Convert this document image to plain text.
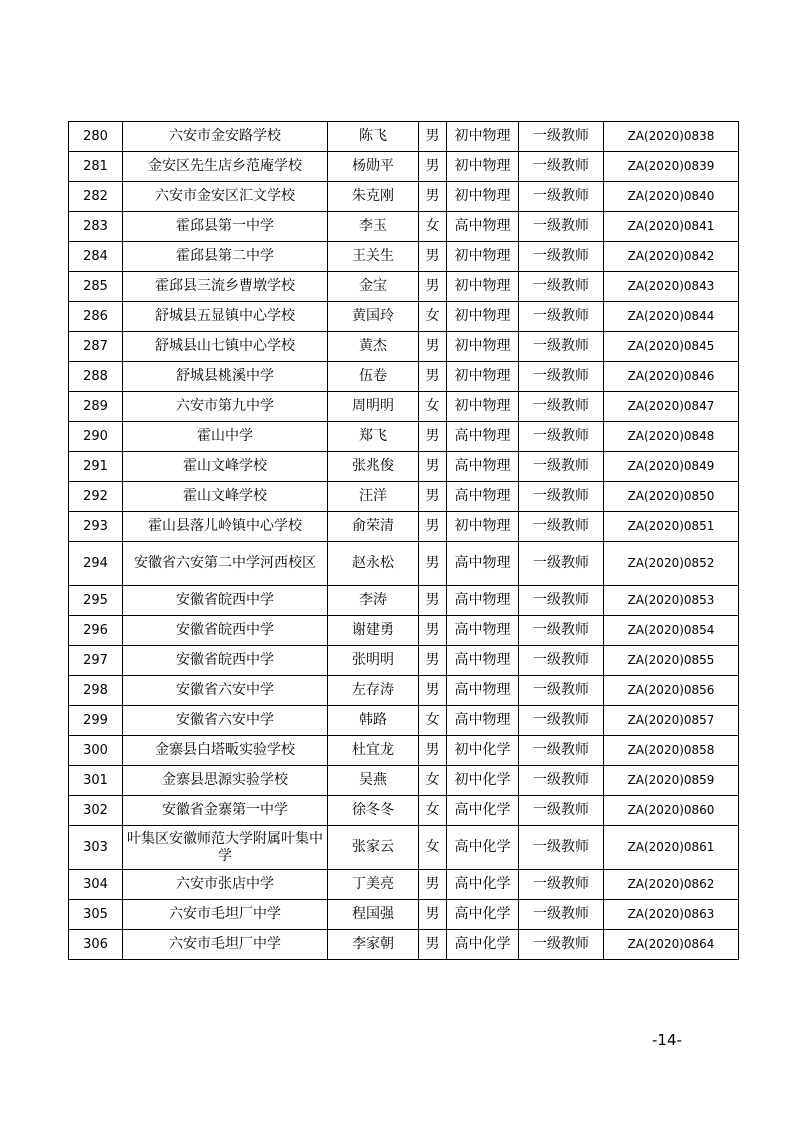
280	六安市金安路学校	陈飞	男	初中物理	一级教师	ZA(2020)0838
281	金安区先生店乡范庵学校	杨勋平	男	初中物理	一级教师	ZA(2020)0839
282	六安市金安区汇文学校	朱克刚	男	初中物理	一级教师	ZA(2020)0840
283	霍邱县第一中学	李玉	女	高中物理	一级教师	ZA(2020)0841
284	霍邱县第二中学	王关生	男	初中物理	一级教师	ZA(2020)0842
285	霍邱县三流乡曹墩学校	金宝	男	初中物理	一级教师	ZA(2020)0843
286	舒城县五显镇中心学校	黄国玲	女	初中物理	一级教师	ZA(2020)0844
287	舒城县山七镇中心学校	黄杰	男	初中物理	一级教师	ZA(2020)0845
288	舒城县桃溪中学	伍卷	男	初中物理	一级教师	ZA(2020)0846
289	六安市第九中学	周明明	女	初中物理	一级教师	ZA(2020)0847
290	霍山中学	郑飞	男	高中物理	一级教师	ZA(2020)0848
291	霍山文峰学校	张兆俊	男	高中物理	一级教师	ZA(2020)0849
292	霍山文峰学校	汪洋	男	高中物理	一级教师	ZA(2020)0850
293	霍山县落儿岭镇中心学校	俞荣清	男	初中物理	一级教师	ZA(2020)0851
294	安徽省六安第二中学河西校区	赵永松	男	高中物理	一级教师	ZA(2020)0852
295	安徽省皖西中学	李涛	男	高中物理	一级教师	ZA(2020)0853
296	安徽省皖西中学	谢建勇	男	高中物理	一级教师	ZA(2020)0854
297	安徽省皖西中学	张明明	男	高中物理	一级教师	ZA(2020)0855
298	安徽省六安中学	左存涛	男	高中物理	一级教师	ZA(2020)0856
299	安徽省六安中学	韩路	女	高中物理	一级教师	ZA(2020)0857
300	金寨县白塔畈实验学校	杜宜龙	男	初中化学	一级教师	ZA(2020)0858
301	金寨县思源实验学校	吴燕	女	初中化学	一级教师	ZA(2020)0859
302	安徽省金寨第一中学	徐冬冬	女	高中化学	一级教师	ZA(2020)0860
303	叶集区安徽师范大学附属叶集中学	张家云	女	高中化学	一级教师	ZA(2020)0861
304	六安市张店中学	丁美亮	男	高中化学	一级教师	ZA(2020)0862
305	六安市毛坦厂中学	程国强	男	高中化学	一级教师	ZA(2020)0863
306	六安市毛坦厂中学	李家朝	男	高中化学	一级教师	ZA(2020)0864
-14-
